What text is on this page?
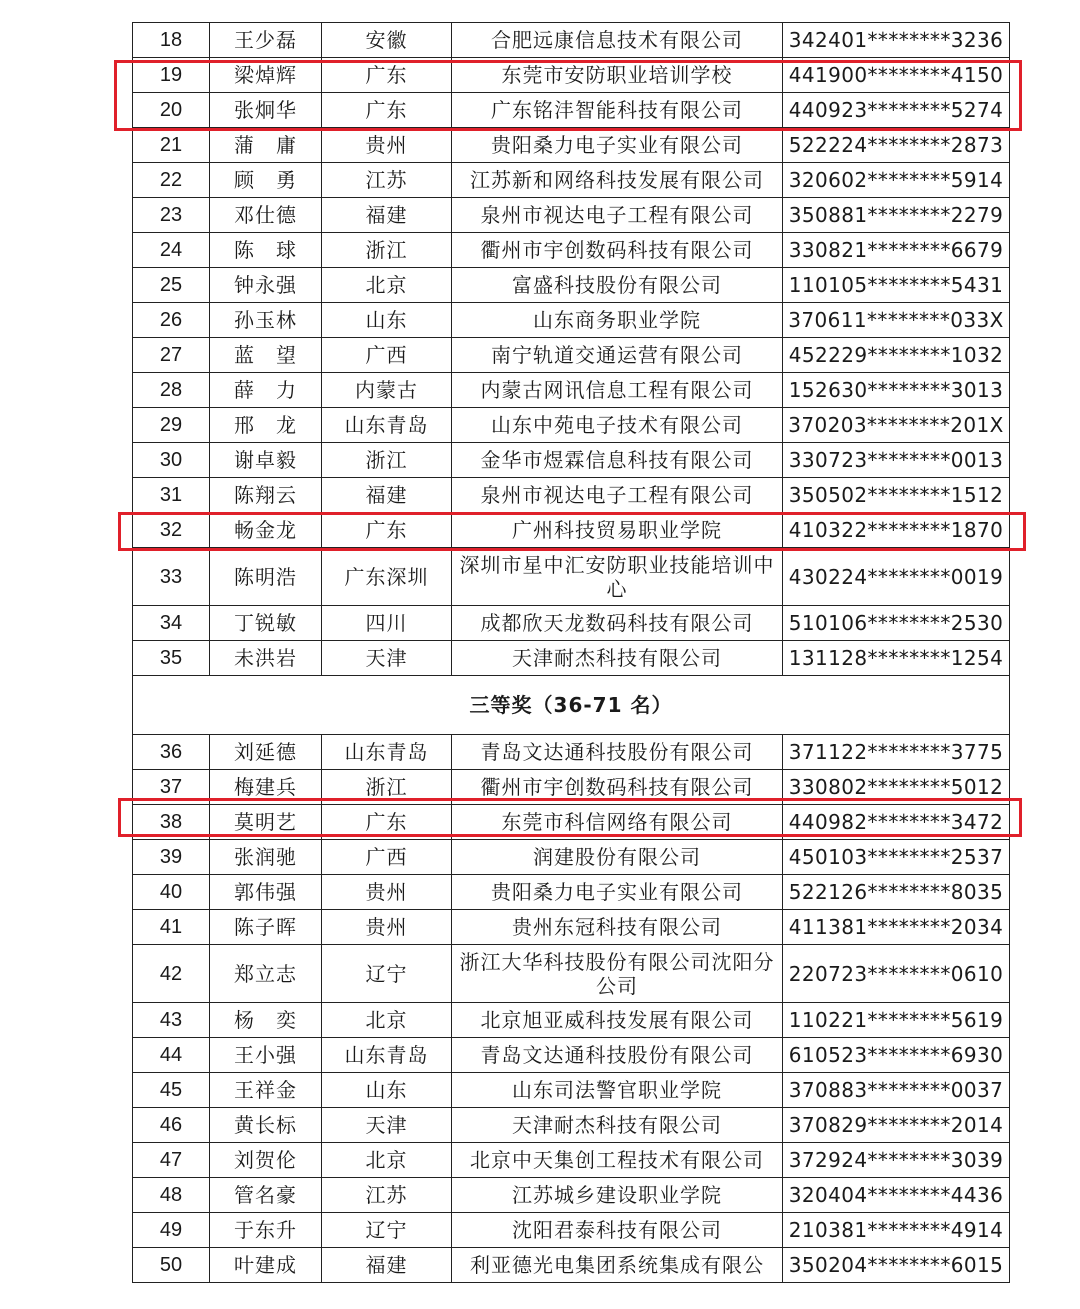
18	王少磊	安徽	合肥远康信息技术有限公司	342401********3236
19	梁焯辉	广东	东莞市安防职业培训学校	441900********4150
20	张炯华	广东	广东铭沣智能科技有限公司	440923********5274
21	蒲　庸	贵州	贵阳桑力电子实业有限公司	522224********2873
22	顾　勇	江苏	江苏新和网络科技发展有限公司	320602********5914
23	邓仕德	福建	泉州市视达电子工程有限公司	350881********2279
24	陈　球	浙江	衢州市宇创数码科技有限公司	330821********6679
25	钟永强	北京	富盛科技股份有限公司	110105********5431
26	孙玉林	山东	山东商务职业学院	370611********033X
27	蓝　望	广西	南宁轨道交通运营有限公司	452229********1032
28	薛　力	内蒙古	内蒙古网讯信息工程有限公司	152630********3013
29	邢　龙	山东青岛	山东中苑电子技术有限公司	370203********201X
30	谢卓毅	浙江	金华市煜霖信息科技有限公司	330723********0013
31	陈翔云	福建	泉州市视达电子工程有限公司	350502********1512
32	畅金龙	广东	广州科技贸易职业学院	410322********1870
33	陈明浩	广东深圳	深圳市星中汇安防职业技能培训中心	430224********0019
34	丁锐敏	四川	成都欣天龙数码科技有限公司	510106********2530
35	未洪岩	天津	天津耐杰科技有限公司	131128********1254
三等奖（36-71 名）				
36	刘延德	山东青岛	青岛文达通科技股份有限公司	371122********3775
37	梅建兵	浙江	衢州市宇创数码科技有限公司	330802********5012
38	莫明艺	广东	东莞市科信网络有限公司	440982********3472
39	张润驰	广西	润建股份有限公司	450103********2537
40	郭伟强	贵州	贵阳桑力电子实业有限公司	522126********8035
41	陈子晖	贵州	贵州东冠科技有限公司	411381********2034
42	郑立志	辽宁	浙江大华科技股份有限公司沈阳分公司	220723********0610
43	杨　奕	北京	北京旭亚威科技发展有限公司	110221********5619
44	王小强	山东青岛	青岛文达通科技股份有限公司	610523********6930
45	王祥金	山东	山东司法警官职业学院	370883********0037
46	黄长标	天津	天津耐杰科技有限公司	370829********2014
47	刘贺伦	北京	北京中天集创工程技术有限公司	372924********3039
48	管名豪	江苏	江苏城乡建设职业学院	320404********4436
49	于东升	辽宁	沈阳君泰科技有限公司	210381********4914
50	叶建成	福建	利亚德光电集团系统集成有限公	350204********6015
